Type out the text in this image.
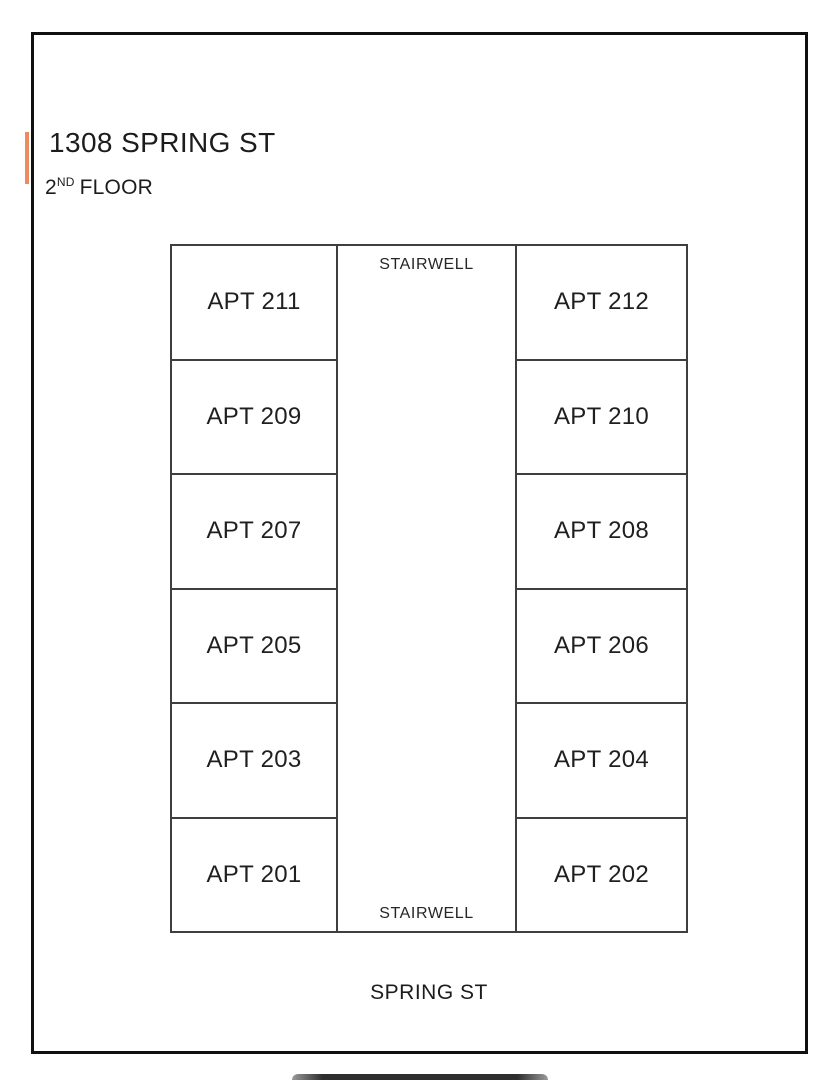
1308 SPRING ST
2ND FLOOR
APT 211
APT 209
APT 207
APT 205
APT 203
APT 201
STAIRWELL
STAIRWELL
APT 212
APT 210
APT 208
APT 206
APT 204
APT 202
SPRING ST
